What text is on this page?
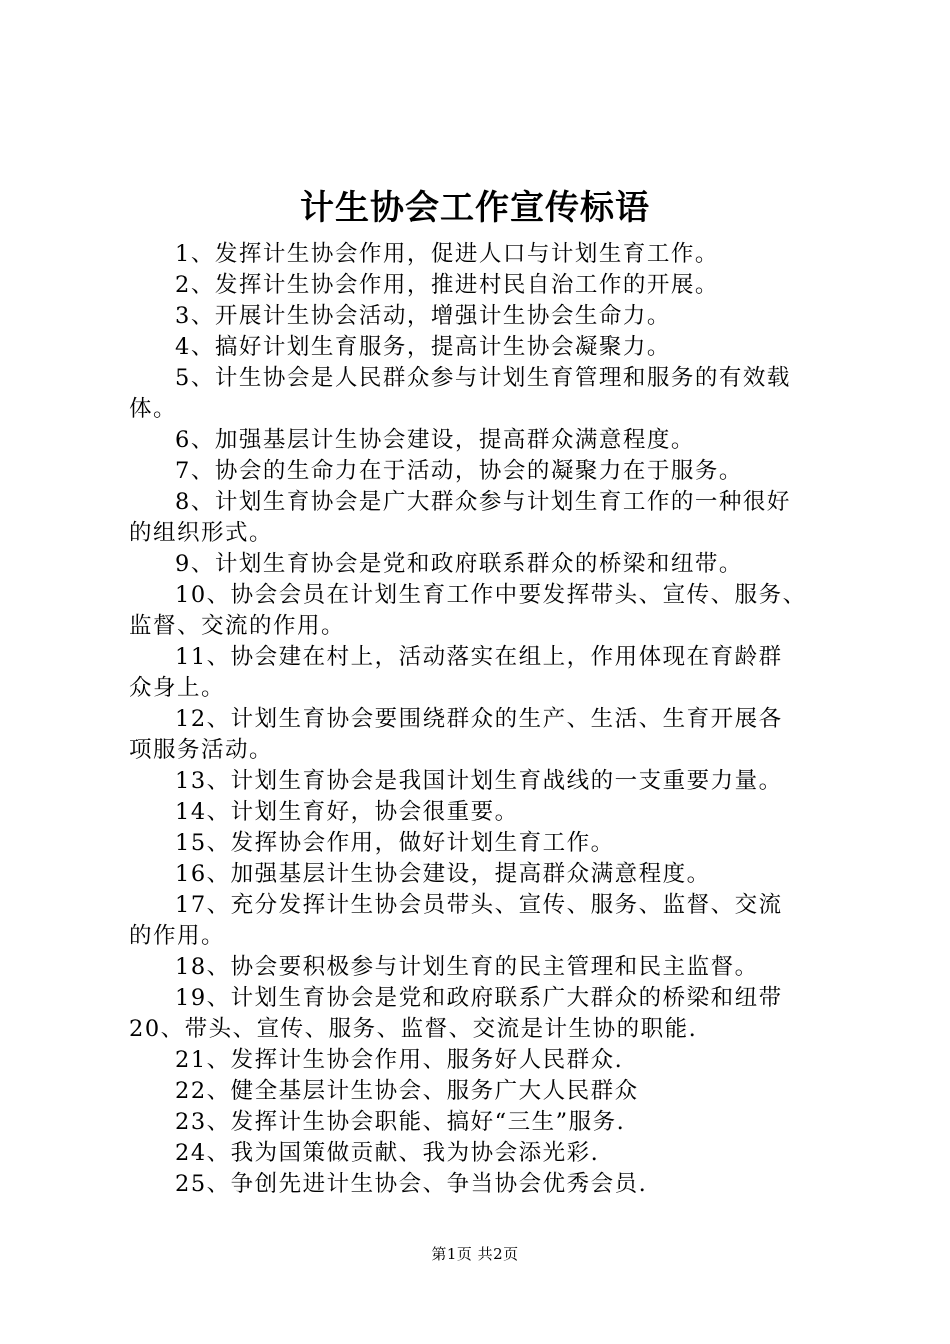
计生协会工作宣传标语
1、发挥计生协会作用，促进人口与计划生育工作。
2、发挥计生协会作用，推进村民自治工作的开展。
3、开展计生协会活动，增强计生协会生命力。
4、搞好计划生育服务，提高计生协会凝聚力。
5、计生协会是人民群众参与计划生育管理和服务的有效载
体。
6、加强基层计生协会建设，提高群众满意程度。
7、协会的生命力在于活动，协会的凝聚力在于服务。
8、计划生育协会是广大群众参与计划生育工作的一种很好
的组织形式。
9、计划生育协会是党和政府联系群众的桥梁和纽带。
10、协会会员在计划生育工作中要发挥带头、宣传、服务、
监督、交流的作用。
11、协会建在村上，活动落实在组上，作用体现在育龄群
众身上。
12、计划生育协会要围绕群众的生产、生活、生育开展各
项服务活动。
13、计划生育协会是我国计划生育战线的一支重要力量。
14、计划生育好，协会很重要。
15、发挥协会作用，做好计划生育工作。
16、加强基层计生协会建设，提高群众满意程度。
17、充分发挥计生协会员带头、宣传、服务、监督、交流
的作用。
18、协会要积极参与计划生育的民主管理和民主监督。
19、计划生育协会是党和政府联系广大群众的桥梁和纽带
20、带头、宣传、服务、监督、交流是计生协的职能.
21、发挥计生协会作用、服务好人民群众.
22、健全基层计生协会、服务广大人民群众
23、发挥计生协会职能、搞好“三生”服务.
24、我为国策做贡献、我为协会添光彩.
25、争创先进计生协会、争当协会优秀会员.
第1页 共2页
